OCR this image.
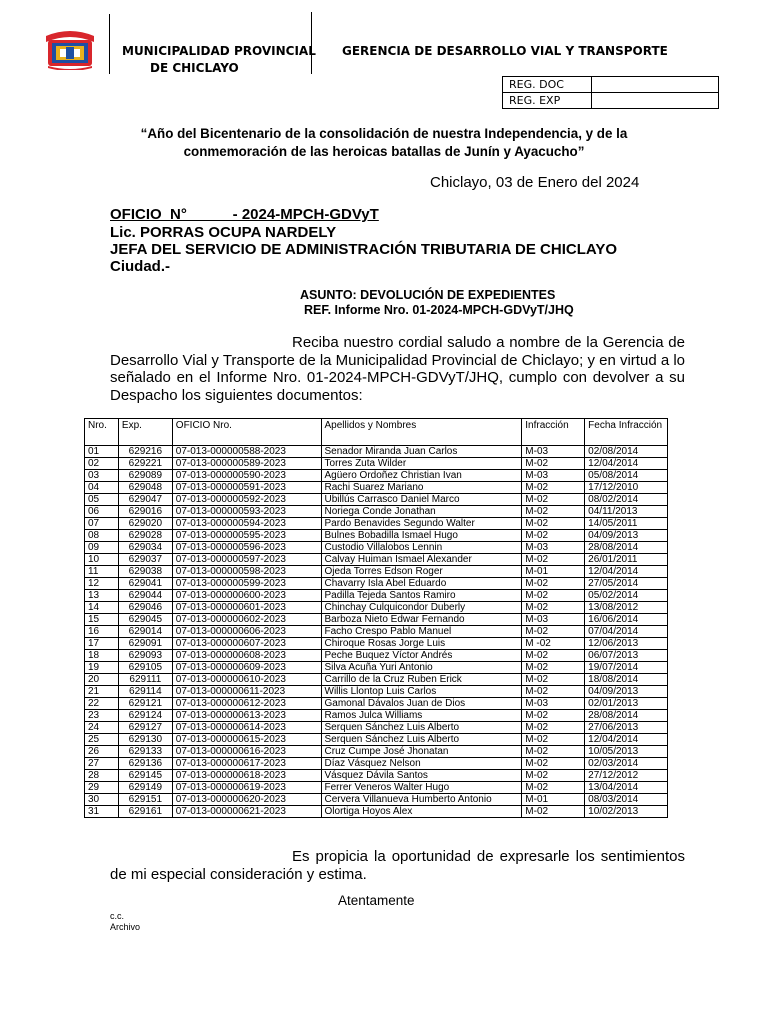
MUNICIPALIDAD PROVINCIAL
DE CHICLAYO
GERENCIA DE DESARROLLO VIAL Y TRANSPORTE
REG. DOC	
REG. EXP	
“Año del Bicentenario de la consolidación de nuestra Independencia, y de la
conmemoración de las heroicas batallas de Junín y Ayacucho”
Chiclayo, 03 de Enero del 2024
OFICIO  N°           - 2024-MPCH-GDVyT
Lic. PORRAS OCUPA NARDELY
JEFA DEL SERVICIO DE ADMINISTRACIÓN TRIBUTARIA DE CHICLAYO
Ciudad.-
ASUNTO: DEVOLUCIÓN DE EXPEDIENTES
REF. Informe Nro. 01-2024-MPCH-GDVyT/JHQ
Reciba nuestro cordial saludo a nombre de la Gerencia de Desarrollo Vial y Transporte de la Municipalidad Provincial de Chiclayo; y en virtud a lo señalado en el Informe Nro. 01-2024-MPCH-GDVyT/JHQ, cumplo con devolver a su Despacho los siguientes documentos:
Nro.	Exp.	OFICIO Nro.	Apellidos y Nombres	Infracción	Fecha Infracción
01	629216	07-013-000000588-2023	Senador Miranda Juan Carlos	M-03	02/08/2014
02	629221	07-013-000000589-2023	Torres Zuta Wilder	M-02	12/04/2014
03	629089	07-013-000000590-2023	Agüero Ordoñez Christian Ivan	M-03	05/08/2014
04	629048	07-013-000000591-2023	Rachi Suarez Mariano	M-02	17/12/2010
05	629047	07-013-000000592-2023	Ubillús Carrasco Daniel Marco	M-02	08/02/2014
06	629016	07-013-000000593-2023	Noriega Conde Jonathan	M-02	04/11/2013
07	629020	07-013-000000594-2023	Pardo Benavides Segundo Walter	M-02	14/05/2011
08	629028	07-013-000000595-2023	Bulnes Bobadilla Ismael Hugo	M-02	04/09/2013
09	629034	07-013-000000596-2023	Custodio Villalobos Lennin	M-03	28/08/2014
10	629037	07-013-000000597-2023	Calvay Huiman Ismael Alexander	M-02	26/01/2011
11	629038	07-013-000000598-2023	Ojeda Torres Edson Roger	M-01	12/04/2014
12	629041	07-013-000000599-2023	Chavarry Isla Abel Eduardo	M-02	27/05/2014
13	629044	07-013-000000600-2023	Padilla Tejeda Santos Ramiro	M-02	05/02/2014
14	629046	07-013-000000601-2023	Chinchay Culquicondor Duberly	M-02	13/08/2012
15	629045	07-013-000000602-2023	Barboza Nieto Edwar Fernando	M-03	16/06/2014
16	629014	07-013-000000606-2023	Facho Crespo Pablo Manuel	M-02	07/04/2014
17	629091	07-013-000000607-2023	Chiroque Rosas Jorge Luis	M -02	12/06/2013
18	629093	07-013-000000608-2023	Peche Buquez Víctor Andrés	M-02	06/07/2013
19	629105	07-013-000000609-2023	Silva Acuña Yuri Antonio	M-02	19/07/2014
20	629111	07-013-000000610-2023	Carrillo de la Cruz Ruben Erick	M-02	18/08/2014
21	629114	07-013-000000611-2023	Willis Llontop Luis Carlos	M-02	04/09/2013
22	629121	07-013-000000612-2023	Gamonal Dávalos Juan de Dios	M-03	02/01/2013
23	629124	07-013-000000613-2023	Ramos Julca Williams	M-02	28/08/2014
24	629127	07-013-000000614-2023	Serquen Sánchez Luis Alberto	M-02	27/06/2013
25	629130	07-013-000000615-2023	Serquen Sánchez Luis Alberto	M-02	12/04/2014
26	629133	07-013-000000616-2023	Cruz Cumpe José Jhonatan	M-02	10/05/2013
27	629136	07-013-000000617-2023	Díaz Vásquez Nelson	M-02	02/03/2014
28	629145	07-013-000000618-2023	Vásquez Dávila Santos	M-02	27/12/2012
29	629149	07-013-000000619-2023	Ferrer Veneros Walter Hugo	M-02	13/04/2014
30	629151	07-013-000000620-2023	Cervera Villanueva Humberto Antonio	M-01	08/03/2014
31	629161	07-013-000000621-2023	Olortiga Hoyos Alex	M-02	10/02/2013
Es propicia la oportunidad de expresarle los sentimientos de mi especial consideración y estima.
Atentamente
c.c.
Archivo
